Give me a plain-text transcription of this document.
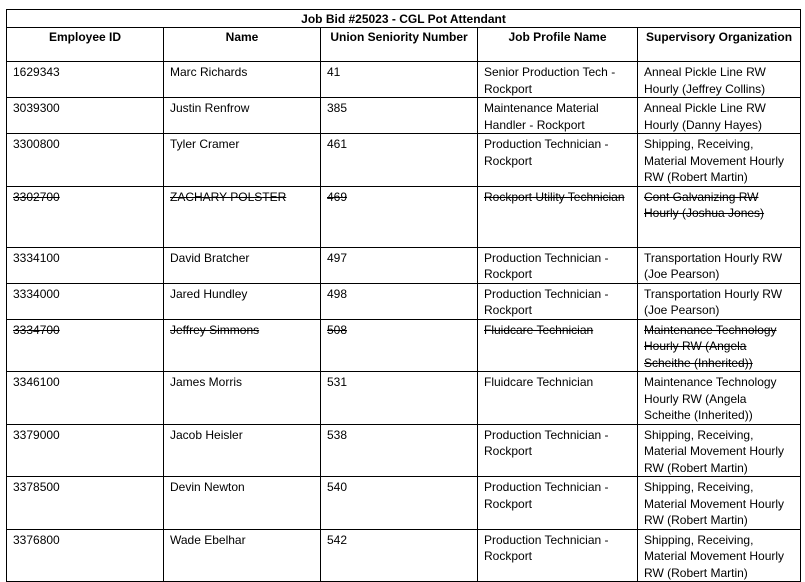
Job Bid #25023 - CGL Pot Attendant				
Employee ID	Name	Union Seniority Number	Job Profile Name	Supervisory Organization
1629343	Marc Richards	41	Senior Production Tech - Rockport	Anneal Pickle Line RW Hourly (Jeffrey Collins)
3039300	Justin Renfrow	385	Maintenance Material Handler - Rockport	Anneal Pickle Line RW Hourly (Danny Hayes)
3300800	Tyler Cramer	461	Production Technician - Rockport	Shipping, Receiving, Material Movement Hourly RW (Robert Martin)
3302700	ZACHARY POLSTER	469	Rockport Utility Technician	Cont Galvanizing RW Hourly (Joshua Jones)
3334100	David Bratcher	497	Production Technician - Rockport	Transportation Hourly RW (Joe Pearson)
3334000	Jared Hundley	498	Production Technician - Rockport	Transportation Hourly RW (Joe Pearson)
3334700	Jeffrey Simmons	508	Fluidcare Technician	Maintenance Technology Hourly RW (Angela Scheithe (Inherited))
3346100	James Morris	531	Fluidcare Technician	Maintenance Technology Hourly RW (Angela Scheithe (Inherited))
3379000	Jacob Heisler	538	Production Technician - Rockport	Shipping, Receiving, Material Movement Hourly RW (Robert Martin)
3378500	Devin Newton	540	Production Technician - Rockport	Shipping, Receiving, Material Movement Hourly RW (Robert Martin)
3376800	Wade Ebelhar	542	Production Technician - Rockport	Shipping, Receiving, Material Movement Hourly RW (Robert Martin)
